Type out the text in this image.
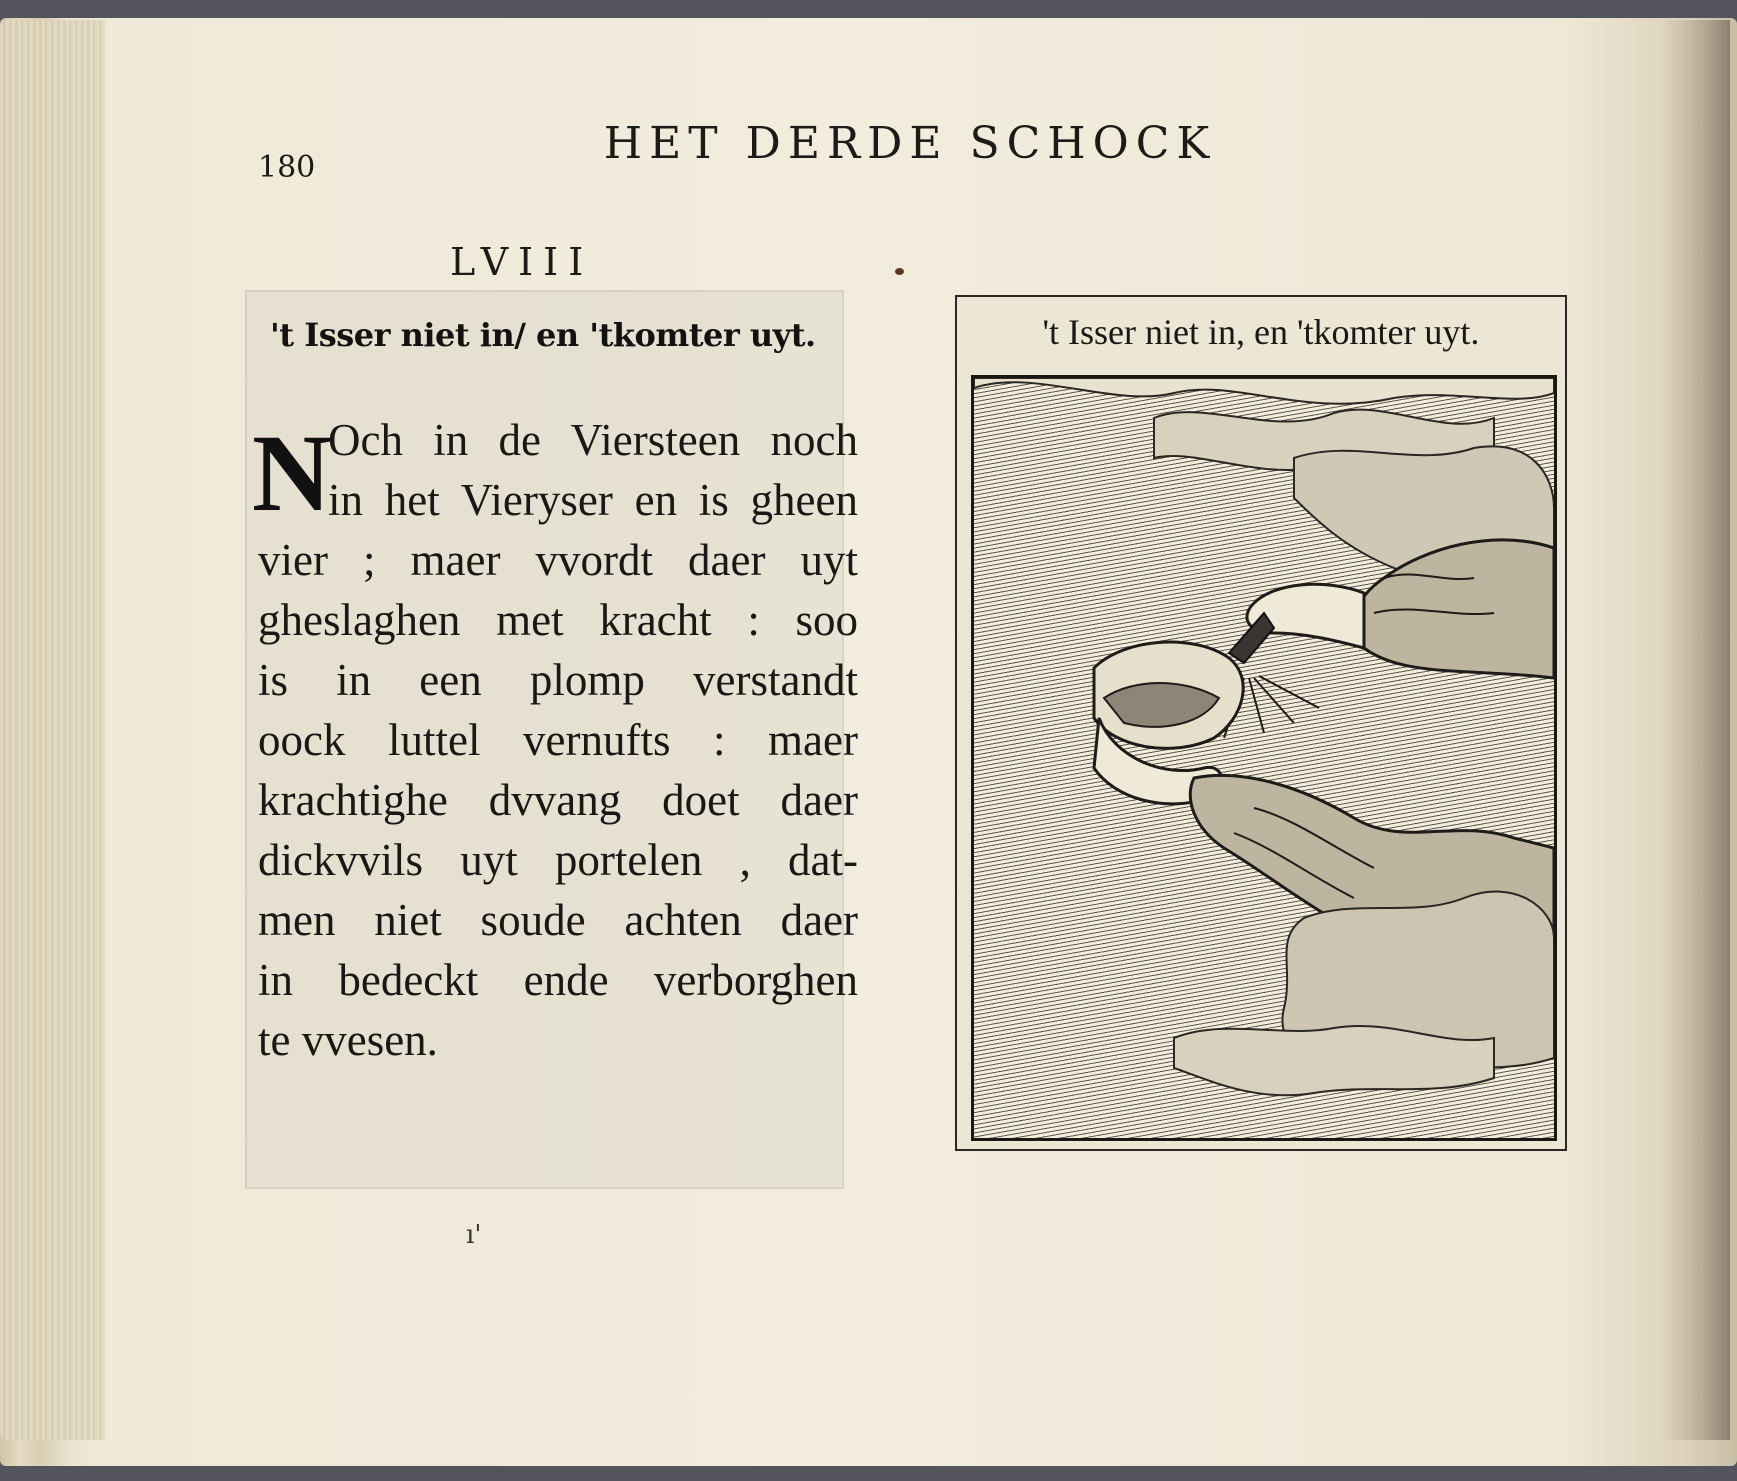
180	HET DERDE SCHOCK
LVIII
't Isser niet in/ en 'tkomter uyt.
N
Och in de Viersteen noch
in het Vieryser en is gheen
vier ; maer vvordt daer uyt
gheslaghen met kracht : soo
is in een plomp verstandt
oock luttel vernufts : maer
krachtighe dvvang doet daer
dickvvils uyt portelen , dat-
men niet soude achten daer
in bedeckt ende verborghen
te vvesen.
ı'
't Isser niet in, en 'tkomter uyt.
